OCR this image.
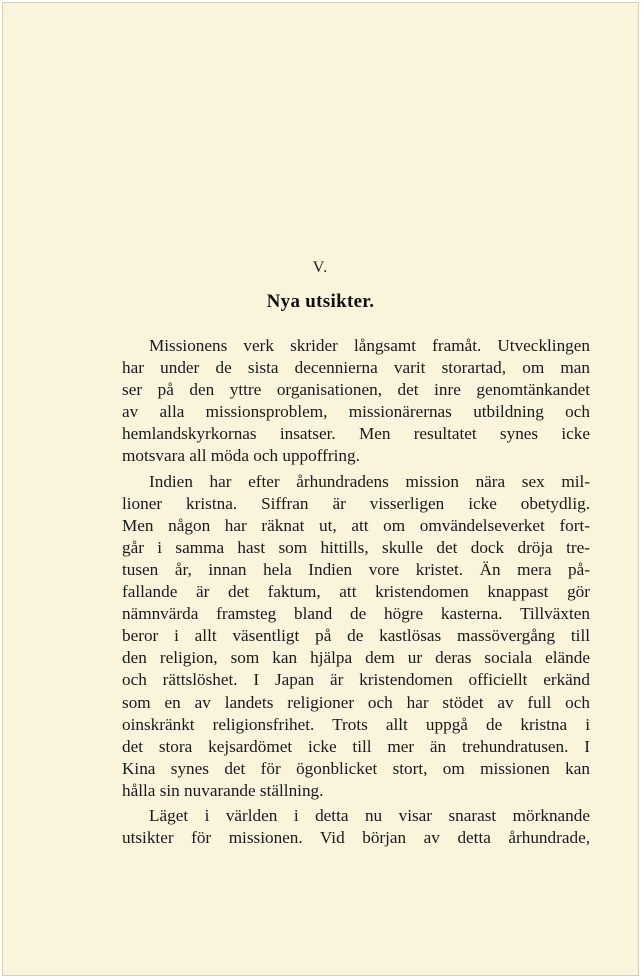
V.
Nya utsikter.

Missionens verk skrider långsamt framåt. Utvecklingen
har under de sista decennierna varit storartad, om man
ser på den yttre organisationen, det inre genomtänkandet
av alla missionsproblem, missionärernas utbildning och
hemlandskyrkornas insatser. Men resultatet synes icke
motsvara all möda och uppoffring.

Indien har efter århundradens mission nära sex mil-
lioner kristna. Siffran är visserligen icke obetydlig.
Men någon har räknat ut, att om omvändelseverket fort-
går i samma hast som hittills, skulle det dock dröja tre-
tusen år, innan hela Indien vore kristet. Än mera på-
fallande är det faktum, att kristendomen knappast gör
nämnvärda framsteg bland de högre kasterna. Tillväxten
beror i allt väsentligt på de kastlösas massövergång till
den religion, som kan hjälpa dem ur deras sociala elände
och rättslöshet. I Japan är kristendomen officiellt erkänd
som en av landets religioner och har stödet av full och
oinskränkt religionsfrihet. Trots allt uppgå de kristna i
det stora kejsardömet icke till mer än trehundratusen. I
Kina synes det för ögonblicket stort, om missionen kan
hålla sin nuvarande ställning.

Läget i världen i detta nu visar snarast mörknande
utsikter för missionen. Vid början av detta århundrade,
